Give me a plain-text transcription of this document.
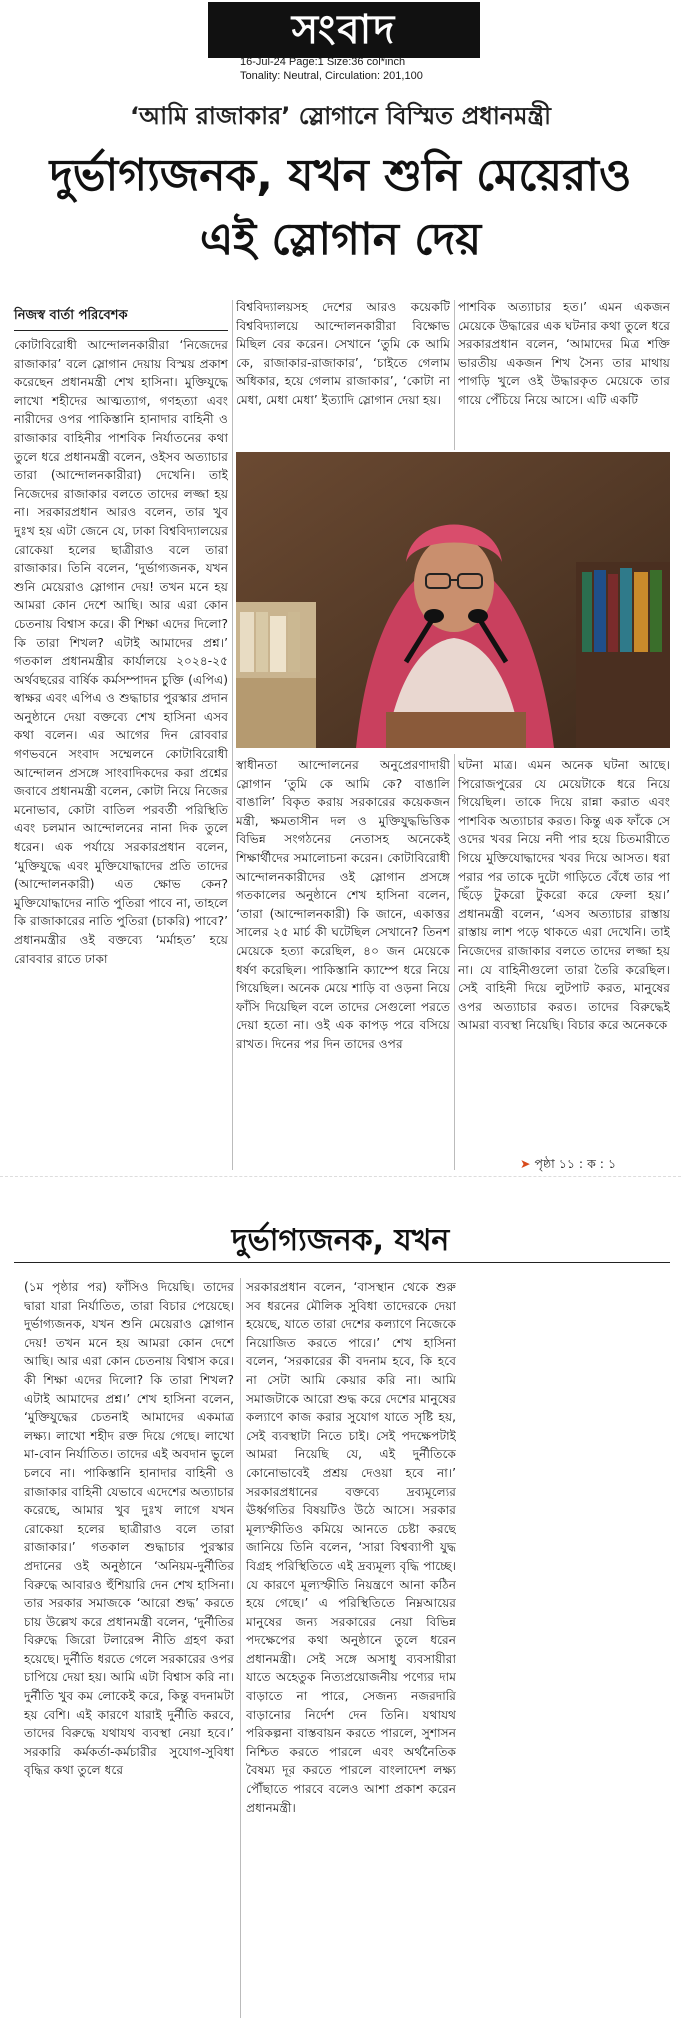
সংবাদ
16-Jul-24 Page:1 Size:36 col*inch
Tonality: Neutral, Circulation: 201,100
‘আমি রাজাকার’ স্লোগানে বিস্মিত প্রধানমন্ত্রী
দুর্ভাগ্যজনক, যখন শুনি মেয়েরাও
এই স্লোগান দেয়
নিজস্ব বার্তা পরিবেশক

কোটাবিরোধী আন্দোলনকারীরা ‘নিজেদের রাজাকার’ বলে স্লোগান দেয়ায় বিস্ময় প্রকাশ করেছেন প্রধানমন্ত্রী শেখ হাসিনা। মুক্তিযুদ্ধে লাখো শহীদের আত্মত্যাগ, গণহত্যা এবং নারীদের ওপর পাকিস্তানি হানাদার বাহিনী ও রাজাকার বাহিনীর পাশবিক নির্যাতনের কথা তুলে ধরে প্রধানমন্ত্রী বলেন, ওইসব অত্যাচার তারা (আন্দোলনকারীরা) দেখেনি। তাই নিজেদের রাজাকার বলতে তাদের লজ্জা হয় না। সরকারপ্রধান আরও বলেন, তার খুব দুঃখ হয় এটা জেনে যে, ঢাকা বিশ্ববিদ্যালয়ের রোকেয়া হলের ছাত্রীরাও বলে তারা রাজাকার। তিনি বলেন, ‘দুর্ভাগ্যজনক, যখন শুনি মেয়েরাও স্লোগান দেয়! তখন মনে হয় আমরা কোন দেশে আছি। আর এরা কোন চেতনায় বিশ্বাস করে। কী শিক্ষা এদের দিলো? কি তারা শিখল? এটাই আমাদের প্রশ্ন।’ গতকাল প্রধানমন্ত্রীর কার্যালয়ে ২০২৪-২৫ অর্থবছরের বার্ষিক কর্মসম্পাদন চুক্তি (এপিএ) স্বাক্ষর এবং এপিএ ও শুদ্ধাচার পুরস্কার প্রদান অনুষ্ঠানে দেয়া বক্তব্যে শেখ হাসিনা এসব কথা বলেন। এর আগের দিন রোববার গণভবনে সংবাদ সম্মেলনে কোটাবিরোধী আন্দোলন প্রসঙ্গে সাংবাদিকদের করা প্রশ্নের জবাবে প্রধানমন্ত্রী বলেন, কোটা নিয়ে নিজের মনোভাব, কোটা বাতিল পরবর্তী পরিস্থিতি এবং চলমান আন্দোলনের নানা দিক তুলে ধরেন। এক পর্যায়ে সরকারপ্রধান বলেন, ‘মুক্তিযুদ্ধে এবং মুক্তিযোদ্ধাদের প্রতি তাদের (আন্দোলনকারী) এত ক্ষোভ কেন? মুক্তিযোদ্ধাদের নাতি পুতিরা পাবে না, তাহলে কি রাজাকারের নাতি পুতিরা (চাকরি) পাবে?’ প্রধানমন্ত্রীর ওই বক্তব্যে ‘মর্মাহত’ হয়ে রোববার রাতে ঢাকা

বিশ্ববিদ্যালয়সহ দেশের আরও কয়েকটি বিশ্ববিদ্যালয়ে আন্দোলনকারীরা বিক্ষোভ মিছিল বের করেন। সেখানে ‘তুমি কে আমি কে, রাজাকার-রাজাকার’, ‘চাইতে গেলাম অধিকার, হয়ে গেলাম রাজাকার’, ‘কোটা না মেধা, মেধা মেধা’ ইত্যাদি স্লোগান দেয়া হয়।

পাশবিক অত্যাচার হত।’ এমন একজন মেয়েকে উদ্ধারের এক ঘটনার কথা তুলে ধরে সরকারপ্রধান বলেন, ‘আমাদের মিত্র শক্তি ভারতীয় একজন শিখ সৈন্য তার মাথায় পাগড়ি খুলে ওই উদ্ধারকৃত মেয়েকে তার গায়ে পেঁচিয়ে নিয়ে আসে। এটি একটি

স্বাধীনতা আন্দোলনের অনুপ্রেরণাদায়ী স্লোগান ‘তুমি কে আমি কে? বাঙালি বাঙালি’ বিকৃত করায় সরকারের কয়েকজন মন্ত্রী, ক্ষমতাসীন দল ও মুক্তিযুদ্ধভিত্তিক বিভিন্ন সংগঠনের নেতাসহ অনেকেই শিক্ষার্থীদের সমালোচনা করেন। কোটাবিরোধী আন্দোলনকারীদের ওই স্লোগান প্রসঙ্গে গতকালের অনুষ্ঠানে শেখ হাসিনা বলেন, ‘তারা (আন্দোলনকারী) কি জানে, একাত্তর সালের ২৫ মার্চ কী ঘটেছিল সেখানে? তিনশ মেয়েকে হত্যা করেছিল, ৪০ জন মেয়েকে ধর্ষণ করেছিল। পাকিস্তানি ক্যাম্পে ধরে নিয়ে গিয়েছিল। অনেক মেয়ে শাড়ি বা ওড়না নিয়ে ফাঁসি দিয়েছিল বলে তাদের সেগুলো পরতে দেয়া হতো না। ওই এক কাপড় পরে বসিয়ে রাখত। দিনের পর দিন তাদের ওপর

ঘটনা মাত্র। এমন অনেক ঘটনা আছে। পিরোজপুরের যে মেয়েটাকে ধরে নিয়ে গিয়েছিল। তাকে দিয়ে রান্না করাত এবং পাশবিক অত্যাচার করত। কিন্তু এক ফাঁকে সে ওদের খবর নিয়ে নদী পার হয়ে চিতমারীতে গিয়ে মুক্তিযোদ্ধাদের খবর দিয়ে আসত। ধরা পরার পর তাকে দুটো গাড়িতে বেঁধে তার পা ছিঁড়ে টুকরো টুকরো করে ফেলা হয়।’ প্রধানমন্ত্রী বলেন, ‘এসব অত্যাচার রাস্তায় রাস্তায় লাশ পড়ে থাকতে এরা দেখেনি। তাই নিজেদের রাজাকার বলতে তাদের লজ্জা হয় না। যে বাহিনীগুলো তারা তৈরি করেছিল। সেই বাহিনী দিয়ে লুটপাট করত, মানুষের ওপর অত্যাচার করত। তাদের বিরুদ্ধেই আমরা ব্যবস্থা নিয়েছি। বিচার করে অনেককে

➤ পৃষ্ঠা ১১ : ক : ১
দুর্ভাগ্যজনক, যখন

(১ম পৃষ্ঠার পর) ফাঁসিও দিয়েছি। তাদের দ্বারা যারা নির্যাতিত, তারা বিচার পেয়েছে। দুর্ভাগ্যজনক, যখন শুনি মেয়েরাও স্লোগান দেয়! তখন মনে হয় আমরা কোন দেশে আছি। আর এরা কোন চেতনায় বিশ্বাস করে। কী শিক্ষা এদের দিলো? কি তারা শিখল? এটাই আমাদের প্রশ্ন।’ শেখ হাসিনা বলেন, ‘মুক্তিযুদ্ধের চেতনাই আমাদের একমাত্র লক্ষ্য। লাখো শহীদ রক্ত দিয়ে গেছে। লাখো মা-বোন নির্যাতিত। তাদের এই অবদান ভুলে চলবে না। পাকিস্তানি হানাদার বাহিনী ও রাজাকার বাহিনী যেভাবে এদেশের অত্যাচার করেছে, আমার খুব দুঃখ লাগে যখন রোকেয়া হলের ছাত্রীরাও বলে তারা রাজাকার।’ গতকাল শুদ্ধাচার পুরস্কার প্রদানের ওই অনুষ্ঠানে ‘অনিয়ম-দুর্নীতির বিরুদ্ধে আবারও হুঁশিয়ারি দেন শেখ হাসিনা। তার সরকার সমাজকে ‘আরো শুদ্ধ’ করতে চায় উল্লেখ করে প্রধানমন্ত্রী বলেন, ‘দুর্নীতির বিরুদ্ধে জিরো টলারেন্স নীতি গ্রহণ করা হয়েছে। দুর্নীতি ধরতে গেলে সরকারের ওপর চাপিয়ে দেয়া হয়। আমি এটা বিশ্বাস করি না। দুর্নীতি খুব কম লোকেই করে, কিন্তু বদনামটা হয় বেশি। এই কারণে যারাই দুর্নীতি করবে, তাদের বিরুদ্ধে যথাযথ ব্যবস্থা নেয়া হবে।’ সরকারি কর্মকর্তা-কর্মচারীর সুযোগ-সুবিধা বৃদ্ধির কথা তুলে ধরে

সরকারপ্রধান বলেন, ‘বাসস্থান থেকে শুরু সব ধরনের মৌলিক সুবিধা তাদেরকে দেয়া হয়েছে, যাতে তারা দেশের কল্যাণে নিজেকে নিয়োজিত করতে পারে।’ শেখ হাসিনা বলেন, ‘সরকারের কী বদনাম হবে, কি হবে না সেটা আমি কেয়ার করি না। আমি সমাজটাকে আরো শুদ্ধ করে দেশের মানুষের কল্যাণে কাজ করার সুযোগ যাতে সৃষ্টি হয়, সেই ব্যবস্থাটা নিতে চাই। সেই পদক্ষেপটাই আমরা নিয়েছি যে, এই দুর্নীতিকে কোনোভাবেই প্রশ্রয় দেওয়া হবে না।’ সরকারপ্রধানের বক্তব্যে দ্রব্যমূল্যের ঊর্ধ্বগতির বিষয়টিও উঠে আসে। সরকার মূল্যস্ফীতিও কমিয়ে আনতে চেষ্টা করছে জানিয়ে তিনি বলেন, ‘সারা বিশ্বব্যাপী যুদ্ধ বিগ্রহ পরিস্থিতিতে এই দ্রব্যমূল্য বৃদ্ধি পাচ্ছে। যে কারণে মূল্যস্ফীতি নিয়ন্ত্রণে আনা কঠিন হয়ে গেছে।’ এ পরিস্থিতিতে নিম্নআয়ের মানুষের জন্য সরকারের নেয়া বিভিন্ন পদক্ষেপের কথা অনুষ্ঠানে তুলে ধরেন প্রধানমন্ত্রী। সেই সঙ্গে অসাধু ব্যবসায়ীরা যাতে অহেতুক নিত্যপ্রয়োজনীয় পণ্যের দাম বাড়াতে না পারে, সেজন্য নজরদারি বাড়ানোর নির্দেশ দেন তিনি। যথাযথ পরিকল্পনা বাস্তবায়ন করতে পারলে, সুশাসন নিশ্চিত করতে পারলে এবং অর্থনৈতিক বৈষম্য দূর করতে পারলে বাংলাদেশ লক্ষ্য পৌঁছাতে পারবে বলেও আশা প্রকাশ করেন প্রধানমন্ত্রী।
